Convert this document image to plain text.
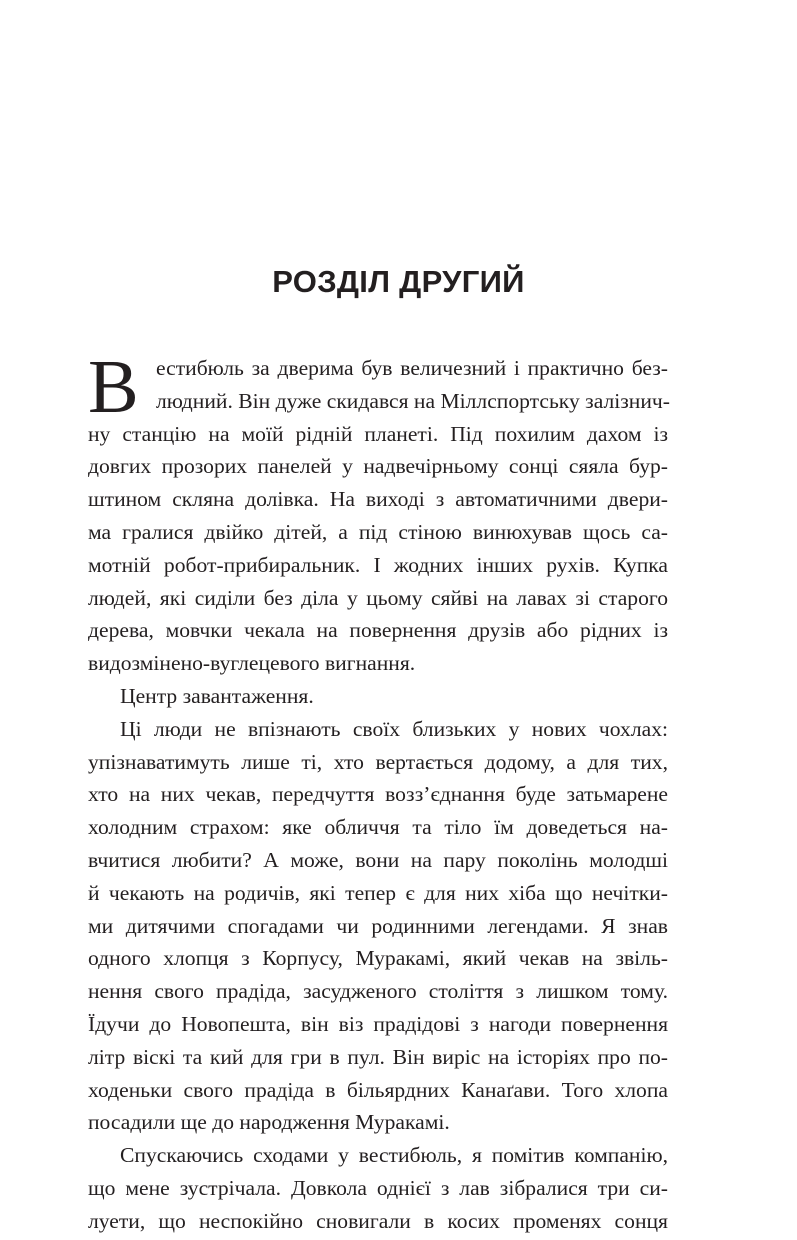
РОЗДІЛ ДРУГИЙ
В естибюль за дверима був величезний і практично без-
людний. Він дуже скидався на Міллспортську залізнич-
ну станцію на моїй рідній планеті. Під похилим дахом із
довгих прозорих панелей у надвечірньому сонці сяяла бур-
штином скляна долівка. На виході з автоматичними двери-
ма гралися двійко дітей, а під стіною винюхував щось са-
мотній робот-прибиральник. І жодних інших рухів. Купка
людей, які сиділи без діла у цьому сяйві на лавах зі старого
дерева, мовчки чекала на повернення друзів або рідних із
видозмінено-вуглецевого вигнання.
Центр завантаження.
Ці люди не впізнають своїх близьких у нових чохлах:
упізнаватимуть лише ті, хто вертається додому, а для тих,
хто на них чекав, передчуття возз’єднання буде затьмарене
холодним страхом: яке обличчя та тіло їм доведеться на-
вчитися любити? А може, вони на пару поколінь молодші
й чекають на родичів, які тепер є для них хіба що нечітки-
ми дитячими спогадами чи родинними легендами. Я знав
одного хлопця з Корпусу, Муракамі, який чекав на звіль-
нення свого прадіда, засудженого століття з лишком тому.
Їдучи до Новопешта, він віз прадідові з нагоди повернення
літр віскі та кий для гри в пул. Він виріс на історіях про по-
ходеньки свого прадіда в більярдних Канаґави. Того хлопа
посадили ще до народження Муракамі.
Спускаючись сходами у вестибюль, я помітив компанію,
що мене зустрічала. Довкола однієї з лав зібралися три си-
луети, що неспокійно сновигали в косих променях сонця
